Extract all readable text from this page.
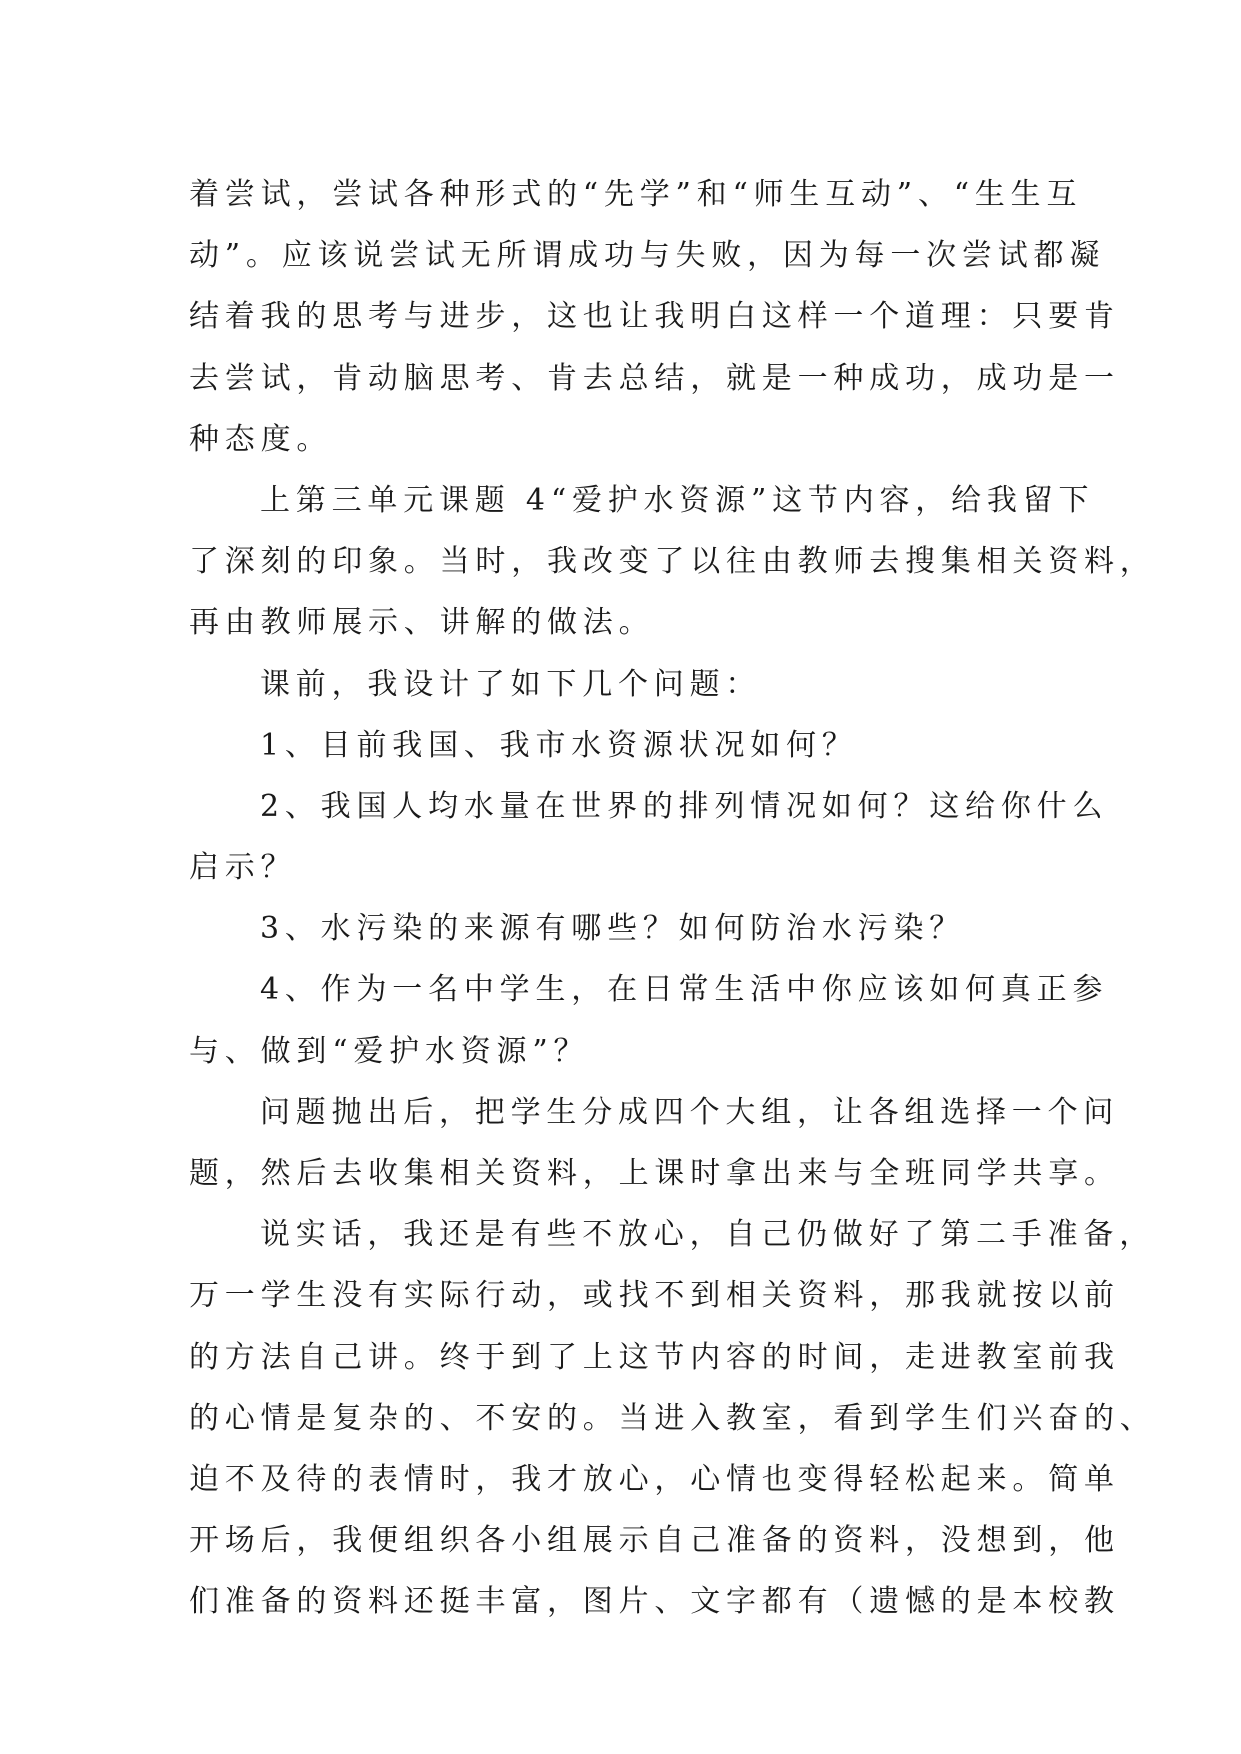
着尝试，尝试各种形式的“先学”和“师生互动”、“生生互
动”。应该说尝试无所谓成功与失败，因为每一次尝试都凝
结着我的思考与进步，这也让我明白这样一个道理：只要肯
去尝试，肯动脑思考、肯去总结，就是一种成功，成功是一
种态度。
上第三单元课题 4“爱护水资源”这节内容，给我留下
了深刻的印象。当时，我改变了以往由教师去搜集相关资料，
再由教师展示、讲解的做法。
课前，我设计了如下几个问题：
1、目前我国、我市水资源状况如何？
2、我国人均水量在世界的排列情况如何？这给你什么
启示？
3、水污染的来源有哪些？如何防治水污染？
4、作为一名中学生，在日常生活中你应该如何真正参
与、做到“爱护水资源”？
问题抛出后，把学生分成四个大组，让各组选择一个问
题，然后去收集相关资料，上课时拿出来与全班同学共享。
说实话，我还是有些不放心，自己仍做好了第二手准备，
万一学生没有实际行动，或找不到相关资料，那我就按以前
的方法自己讲。终于到了上这节内容的时间，走进教室前我
的心情是复杂的、不安的。当进入教室，看到学生们兴奋的、
迫不及待的表情时，我才放心，心情也变得轻松起来。简单
开场后，我便组织各小组展示自己准备的资料，没想到，他
们准备的资料还挺丰富，图片、文字都有（遗憾的是本校教
